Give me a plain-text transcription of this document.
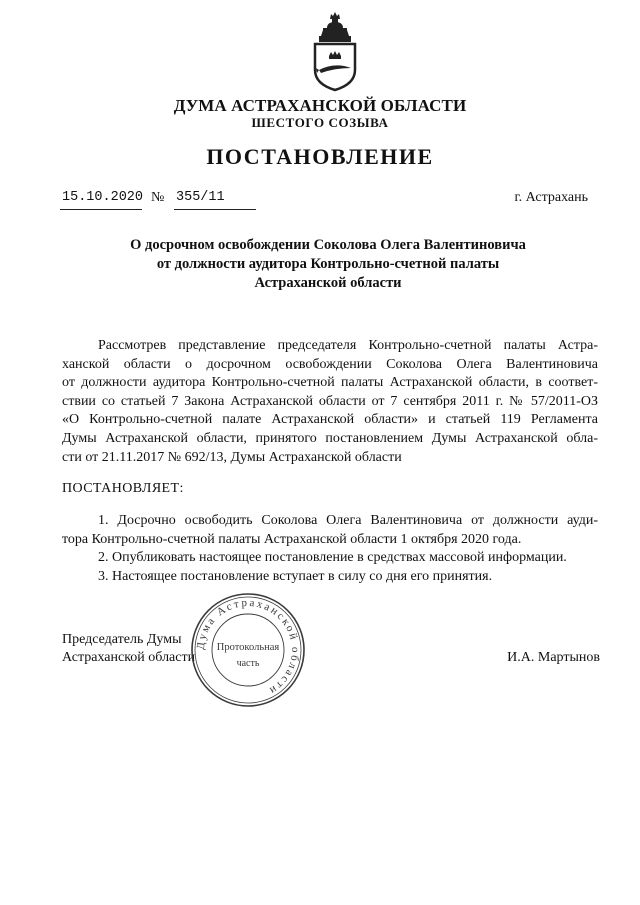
ДУМА АСТРАХАНСКОЙ ОБЛАСТИ
ШЕСТОГО СОЗЫВА
ПОСТАНОВЛЕНИЕ
15.10.2020 № 355/11	г. Астрахань
О досрочном освобождении Соколова Олега Валентиновича
от должности аудитора Контрольно-счетной палаты
Астраханской области
Рассмотрев представление председателя Контрольно-счетной палаты Астра-
ханской области о досрочном освобождении Соколова Олега Валентиновича
от должности аудитора Контрольно-счетной палаты Астраханской области, в соответ-
ствии со статьей 7 Закона Астраханской области от 7 сентября 2011 г. № 57/2011-ОЗ
«О Контрольно-счетной палате Астраханской области» и статьей 119 Регламента
Думы Астраханской области, принятого постановлением Думы Астраханской обла-
сти от 21.11.2017 № 692/13, Думы Астраханской области
ПОСТАНОВЛЯЕТ:
1. Досрочно освободить Соколова Олега Валентиновича от должности ауди-
тора Контрольно-счетной палаты Астраханской области 1 октября 2020 года.
2. Опубликовать настоящее постановление в средствах массовой информации.
3. Настоящее постановление вступает в силу со дня его принятия.
Председатель Думы
Астраханской области	И.А. Мартынов
Дума Астраханской области
Протокольная
часть
